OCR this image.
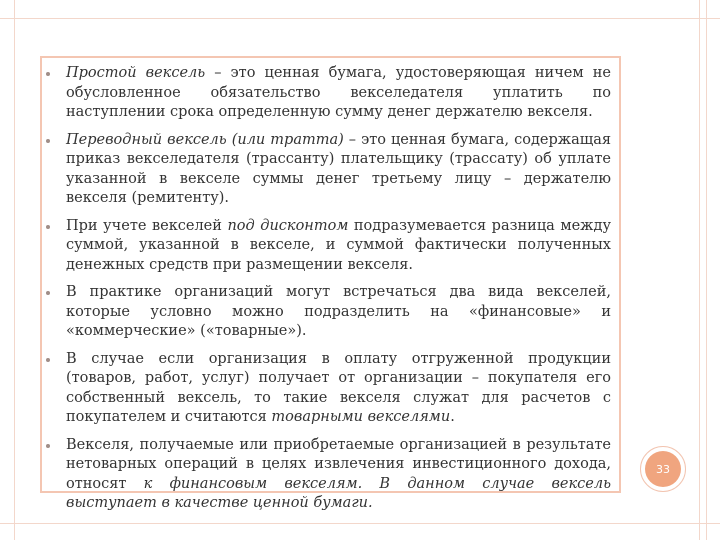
Простой вексель – это ценная бумага, удостоверяющая ничем не обусловленное обязательство векселедателя уплатить по наступлении срока определенную сумму денег держателю векселя.
Переводный вексель (или тратта) – это ценная бумага, содержащая приказ векселедателя (трассанту) плательщику (трассату) об уплате указанной в векселе суммы денег третьему лицу – держателю векселя (ремитенту).
При учете векселей под дисконтом подразумевается разница между суммой, указанной в векселе, и суммой фактически полученных денежных средств при размещении векселя.
В практике организаций могут встречаться два вида векселей, которые условно можно подразделить на «финансовые» и «коммерческие» («товарные»).
В случае если организация в оплату отгруженной продукции (товаров, работ, услуг) получает от организации – покупателя его собственный вексель, то такие векселя служат для расчетов с покупателем и считаются товарными векселями.
Векселя, получаемые или приобретаемые организацией в результате нетоварных операций в целях извлечения инвестиционного дохода, относят к финансовым векселям. В данном случае вексель выступает в качестве ценной бумаги.
33
